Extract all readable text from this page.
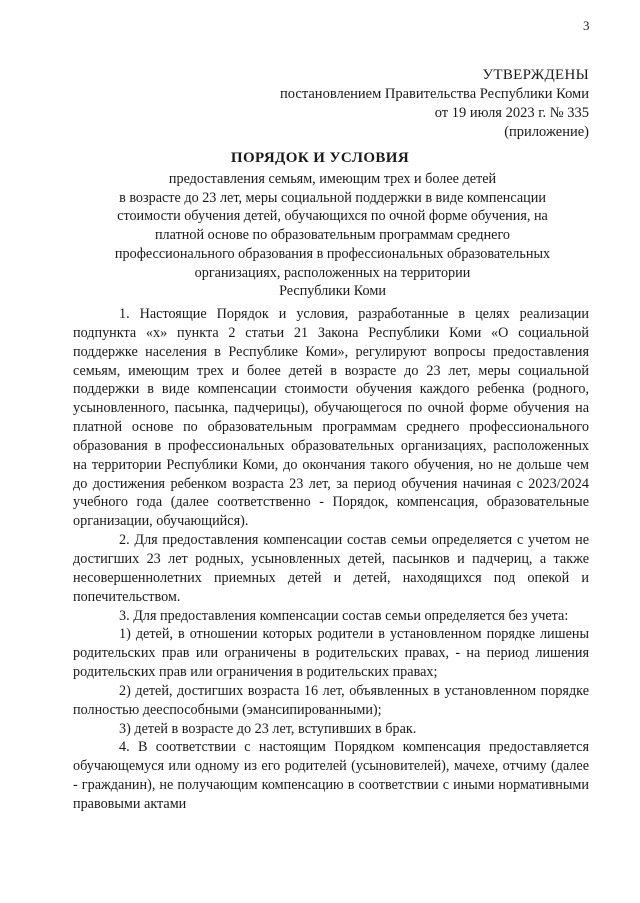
3
УТВЕРЖДЕНЫ
постановлением Правительства Республики Коми
от 19 июля 2023 г. № 335
(приложение)
ПОРЯДОК И УСЛОВИЯ
предоставления семьям, имеющим трех и более детей
в возрасте до 23 лет, меры социальной поддержки в виде компенсации
стоимости обучения детей, обучающихся по очной форме обучения, на
платной основе по образовательным программам среднего
профессионального образования в профессиональных образовательных
организациях, расположенных на территории
Республики Коми

1. Настоящие Порядок и условия, разработанные в целях реализации подпункта «х» пункта 2 статьи 21 Закона Республики Коми «О социальной поддержке населения в Республике Коми», регулируют вопросы предоставления семьям, имеющим трех и более детей в возрасте до 23 лет, меры социальной поддержки в виде компенсации стоимости обучения каждого ребенка (родного, усыновленного, пасынка, падчерицы), обучающегося по очной форме обучения на платной основе по образовательным программам среднего профессионального образования в профессиональных образовательных организациях, расположенных на территории Республики Коми, до окончания такого обучения, но не дольше чем до достижения ребенком возраста 23 лет, за период обучения начиная с 2023/2024 учебного года (далее соответственно - Порядок, компенсация, образовательные организации, обучающийся).

2. Для предоставления компенсации состав семьи определяется с учетом не достигших 23 лет родных, усыновленных детей, пасынков и падчериц, а также несовершеннолетних приемных детей и детей, находящихся под опекой и попечительством.

3. Для предоставления компенсации состав семьи определяется без учета:

1) детей, в отношении которых родители в установленном порядке лишены родительских прав или ограничены в родительских правах, - на период лишения родительских прав или ограничения в родительских правах;

2) детей, достигших возраста 16 лет, объявленных в установленном порядке полностью дееспособными (эмансипированными);

3) детей в возрасте до 23 лет, вступивших в брак.

4. В соответствии с настоящим Порядком компенсация предоставляется обучающемуся или одному из его родителей (усыновителей), мачехе, отчиму (далее - гражданин), не получающим компенсацию в соответствии с иными нормативными правовыми актами
